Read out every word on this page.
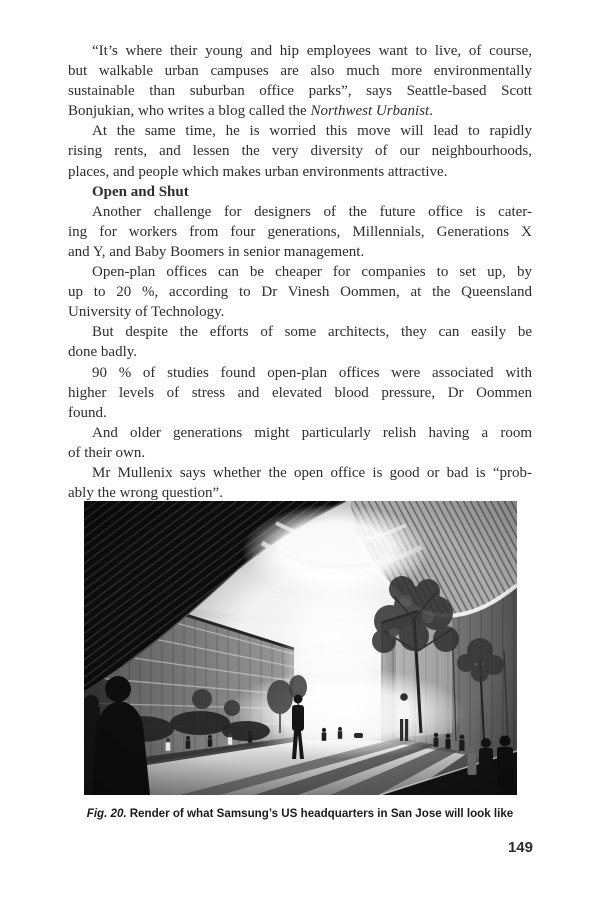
“It’s where their young and hip employees want to live, of course,
but walkable urban campuses are also much more environmentally
sustainable than suburban office parks”, says Seattle-based Scott
Bonjukian, who writes a blog called the Northwest Urbanist.
At the same time, he is worried this move will lead to rapidly
rising rents, and lessen the very diversity of our neighbourhoods,
places, and people which makes urban environments attractive.
Open and Shut
Another challenge for designers of the future office is cater-
ing for workers from four generations, Millennials, Generations X
and Y, and Baby Boomers in senior management.
Open-plan offices can be cheaper for companies to set up, by
up to 20 %, according to Dr Vinesh Oommen, at the Queensland
University of Technology.
But despite the efforts of some architects, they can easily be
done badly.
90 % of studies found open-plan offices were associated with
higher levels of stress and elevated blood pressure, Dr Oommen
found.
And older generations might particularly relish having a room
of their own.
Mr Mullenix says whether the open office is good or bad is “prob-
ably the wrong question”.
Fig. 20. Render of what Samsung’s US headquarters in San Jose will look like
149
